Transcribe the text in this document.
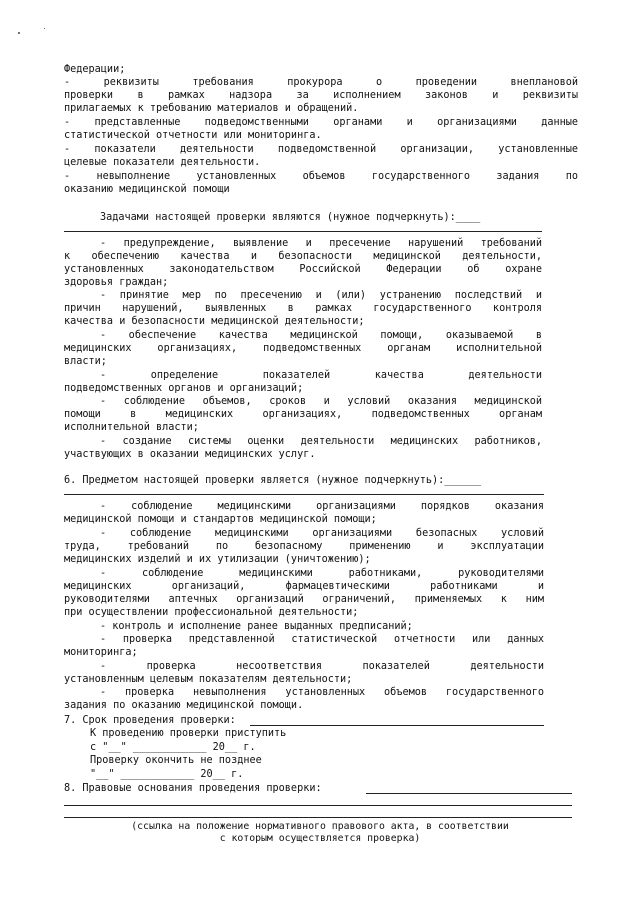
Федерации;
- реквизиты требования прокурора о проведении внеплановой
проверки в рамках надзора за исполнением законов и реквизиты
прилагаемых к требованию материалов и обращений.
- представленные подведомственными органами и организациями данные
статистической отчетности или мониторинга.
- показатели деятельности подведомственной организации, установленные
целевые показатели деятельности.
- невыполнение установленных объемов государственного задания по
оказанию медицинской помощи
Задачами настоящей проверки являются (нужное подчеркнуть):____
- предупреждение, выявление и пресечение нарушений требований
к обеспечению качества и безопасности медицинской деятельности,
установленных законодательством Российской Федерации об охране
здоровья граждан;
- принятие мер по пресечению и (или) устранению последствий и
причин нарушений, выявленных в рамках государственного контроля
качества и безопасности медицинской деятельности;
- обеспечение качества медицинской помощи, оказываемой в
медицинских организациях, подведомственных органам исполнительной
власти;
- определение показателей качества деятельности
подведомственных органов и организаций;
- соблюдение объемов, сроков и условий оказания медицинской
помощи в медицинских организациях, подведомственных органам
исполнительной власти;
- создание системы оценки деятельности медицинских работников,
участвующих в оказании медицинских услуг.
6. Предметом настоящей проверки является (нужное подчеркнуть):______
- соблюдение медицинскими организациями порядков оказания
медицинской помощи и стандартов медицинской помощи;
- соблюдение медицинскими организациями безопасных условий
труда, требований по безопасному применению и эксплуатации
медицинских изделий и их утилизации (уничтожению);
- соблюдение медицинскими работниками, руководителями
медицинских организаций, фармацевтическими работниками и
руководителями аптечных организаций ограничений, применяемых к ним
при осуществлении профессиональной деятельности;
- контроль и исполнение ранее выданных предписаний;
- проверка представленной статистической отчетности или данных
мониторинга;
- проверка несоответствия показателей деятельности
установленным целевым показателям деятельности;
- проверка невыполнения установленных объемов государственного
задания по оказанию медицинской помощи.
7. Срок проведения проверки:
К проведению проверки приступить
с "__" ____________ 20__ г.
Проверку окончить не позднее
"__" ____________ 20__ г.
8. Правовые основания проведения проверки:
(ссылка на положение нормативного правового акта, в соответствии
с которым осуществляется проверка)
